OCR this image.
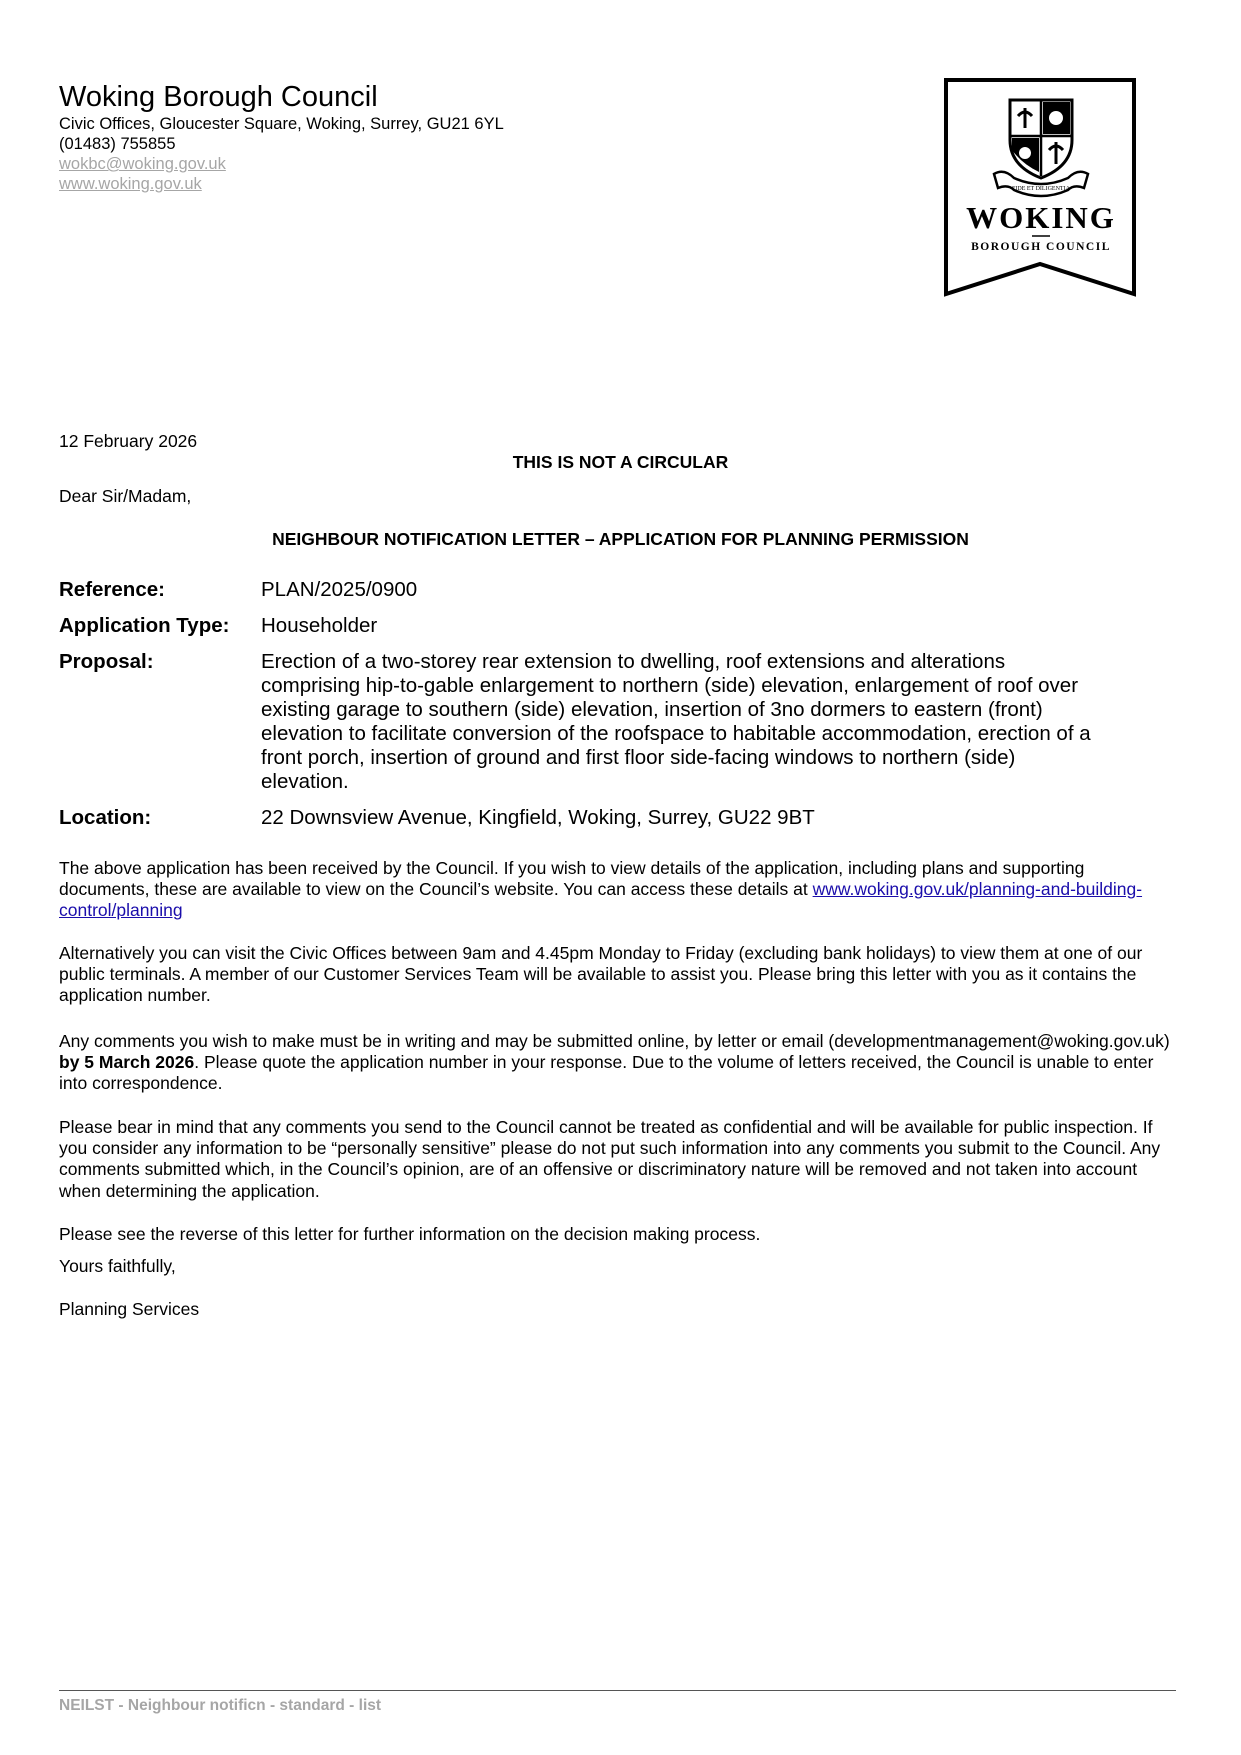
Woking Borough Council
Civic Offices, Gloucester Square, Woking, Surrey, GU21 6YL
(01483) 755855
wokbc@woking.gov.uk
www.woking.gov.uk	FIDE ET DILIGENTIA
WOKING
BOROUGH COUNCIL
12 February 2026
THIS IS NOT A CIRCULAR
Dear Sir/Madam,
NEIGHBOUR NOTIFICATION LETTER – APPLICATION FOR PLANNING PERMISSION
Reference:	PLAN/2025/0900
Application Type:	Householder
Proposal:	Erection of a two-storey rear extension to dwelling, roof extensions and alterations comprising hip-to-gable enlargement to northern (side) elevation, enlargement of roof over existing garage to southern (side) elevation, insertion of 3no dormers to eastern (front) elevation to facilitate conversion of the roofspace to habitable accommodation, erection of a front porch, insertion of ground and first floor side-facing windows to northern (side) elevation.
Location:	22 Downsview Avenue, Kingfield, Woking, Surrey, GU22 9BT
The above application has been received by the Council. If you wish to view details of the application, including plans and supporting documents, these are available to view on the Council’s website. You can access these details at www.woking.gov.uk/planning-and-building-control/planning
Alternatively you can visit the Civic Offices between 9am and 4.45pm Monday to Friday (excluding bank holidays) to view them at one of our public terminals. A member of our Customer Services Team will be available to assist you. Please bring this letter with you as it contains the application number.
Any comments you wish to make must be in writing and may be submitted online, by letter or email (developmentmanagement@woking.gov.uk) by 5 March 2026. Please quote the application number in your response. Due to the volume of letters received, the Council is unable to enter into correspondence.
Please bear in mind that any comments you send to the Council cannot be treated as confidential and will be available for public inspection. If you consider any information to be “personally sensitive” please do not put such information into any comments you submit to the Council. Any comments submitted which, in the Council’s opinion, are of an offensive or discriminatory nature will be removed and not taken into account when determining the application.
Please see the reverse of this letter for further information on the decision making process.
Yours faithfully,
Planning Services
NEILST - Neighbour notificn - standard - list
